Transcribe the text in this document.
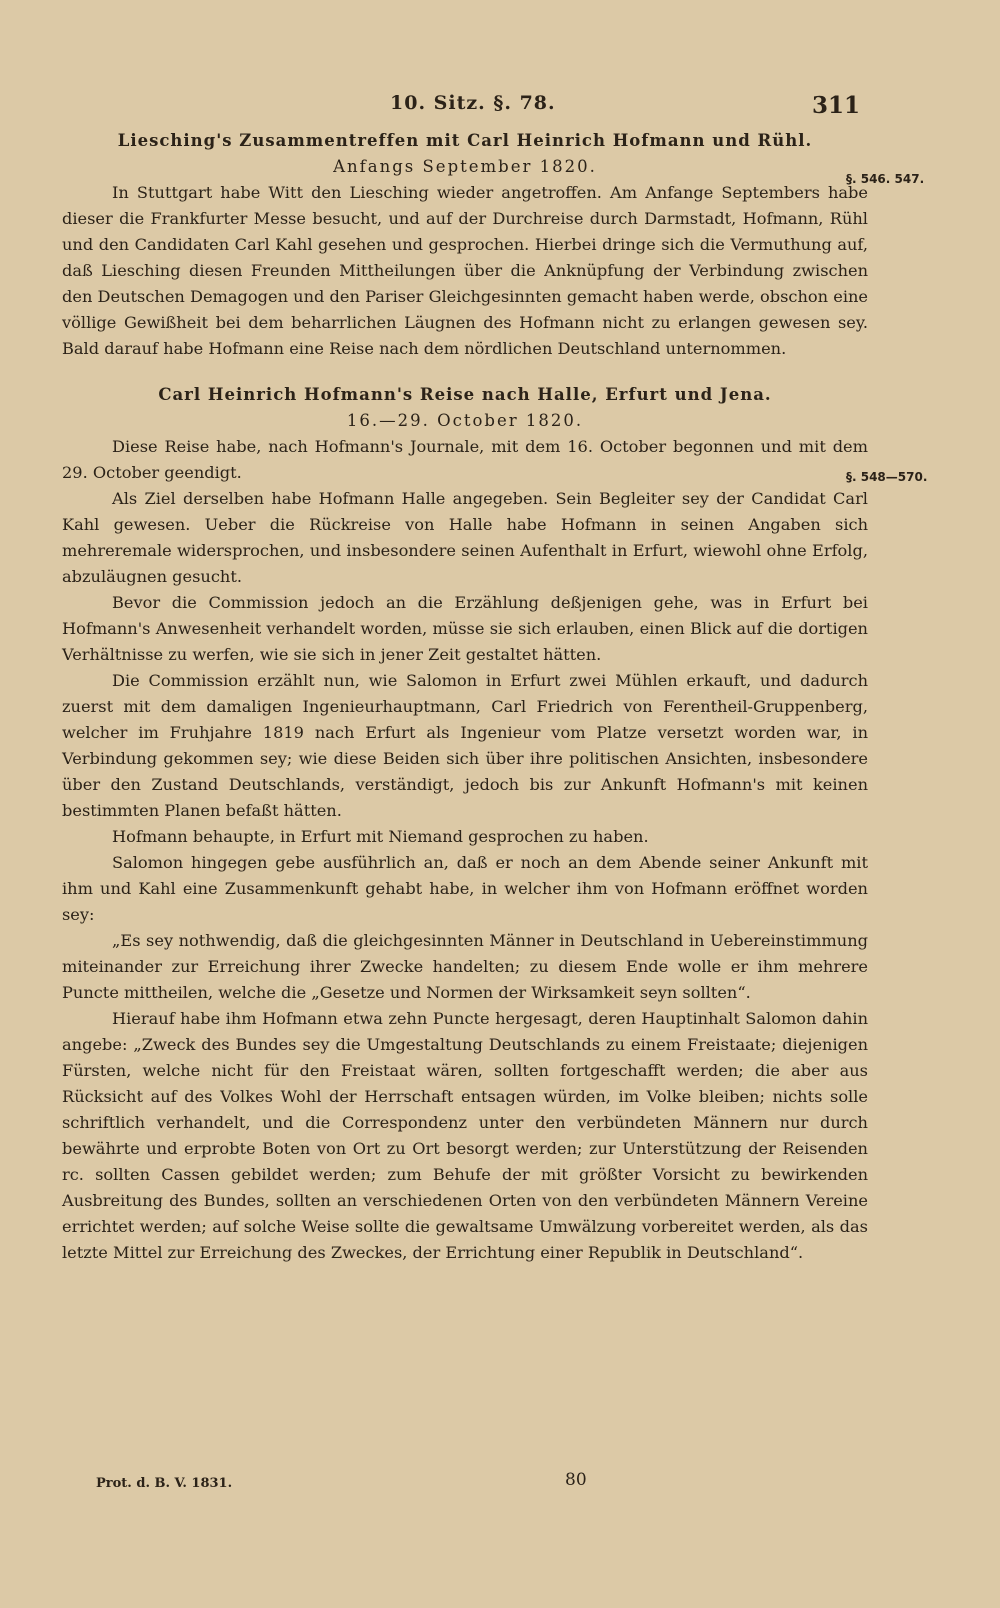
10. Sitz. §. 78.	311
§. 546. 547.
§. 548—570.
Liesching's Zusammentreffen mit Carl Heinrich Hofmann und Rühl.
Anfangs September 1820.

In Stuttgart habe Witt den Liesching wieder angetroffen. Am Anfange Septembers habe dieser die Frankfurter Messe besucht, und auf der Durchreise durch Darmstadt, Hofmann, Rühl und den Candidaten Carl Kahl gesehen und gesprochen. Hierbei dringe sich die Vermuthung auf, daß Liesching diesen Freunden Mittheilungen über die Anknüpfung der Verbindung zwischen den Deutschen Demagogen und den Pariser Gleichgesinnten gemacht haben werde, obschon eine völlige Gewißheit bei dem beharrlichen Läugnen des Hofmann nicht zu erlangen gewesen sey. Bald darauf habe Hofmann eine Reise nach dem nördlichen Deutschland unternommen.

Carl Heinrich Hofmann's Reise nach Halle, Erfurt und Jena.
16.—29. October 1820.

Diese Reise habe, nach Hofmann's Journale, mit dem 16. October begonnen und mit dem 29. October geendigt.

Als Ziel derselben habe Hofmann Halle angegeben. Sein Begleiter sey der Candidat Carl Kahl gewesen. Ueber die Rückreise von Halle habe Hofmann in seinen Angaben sich mehreremale widersprochen, und insbesondere seinen Aufenthalt in Erfurt, wiewohl ohne Erfolg, abzuläugnen gesucht.

Bevor die Commission jedoch an die Erzählung deßjenigen gehe, was in Erfurt bei Hofmann's Anwesenheit verhandelt worden, müsse sie sich erlauben, einen Blick auf die dortigen Verhältnisse zu werfen, wie sie sich in jener Zeit gestaltet hätten.

Die Commission erzählt nun, wie Salomon in Erfurt zwei Mühlen erkauft, und dadurch zuerst mit dem damaligen Ingenieurhauptmann, Carl Friedrich von Ferentheil-Gruppenberg, welcher im Fruhjahre 1819 nach Erfurt als Ingenieur vom Platze versetzt worden war, in Verbindung gekommen sey; wie diese Beiden sich über ihre politischen Ansichten, insbesondere über den Zustand Deutschlands, verständigt, jedoch bis zur Ankunft Hofmann's mit keinen bestimmten Planen befaßt hätten.

Hofmann behaupte, in Erfurt mit Niemand gesprochen zu haben.

Salomon hingegen gebe ausführlich an, daß er noch an dem Abende seiner Ankunft mit ihm und Kahl eine Zusammenkunft gehabt habe, in welcher ihm von Hofmann eröffnet worden sey:

„Es sey nothwendig, daß die gleichgesinnten Männer in Deutschland in Uebereinstimmung miteinander zur Erreichung ihrer Zwecke handelten; zu diesem Ende wolle er ihm mehrere Puncte mittheilen, welche die „Gesetze und Normen der Wirksamkeit seyn sollten“.

Hierauf habe ihm Hofmann etwa zehn Puncte hergesagt, deren Hauptinhalt Salomon dahin angebe: „Zweck des Bundes sey die Umgestaltung Deutschlands zu einem Freistaate; diejenigen Fürsten, welche nicht für den Freistaat wären, sollten fortgeschafft werden; die aber aus Rücksicht auf des Volkes Wohl der Herrschaft entsagen würden, im Volke bleiben; nichts solle schriftlich verhandelt, und die Correspondenz unter den verbündeten Männern nur durch bewährte und erprobte Boten von Ort zu Ort besorgt werden; zur Unterstützung der Reisenden rc. sollten Cassen gebildet werden; zum Behufe der mit größter Vorsicht zu bewirkenden Ausbreitung des Bundes, sollten an verschiedenen Orten von den verbündeten Männern Vereine errichtet werden; auf solche Weise sollte die gewaltsame Umwälzung vorbereitet werden, als das letzte Mittel zur Erreichung des Zweckes, der Errichtung einer Republik in Deutschland“.

Prot. d. B. V. 1831.	80
